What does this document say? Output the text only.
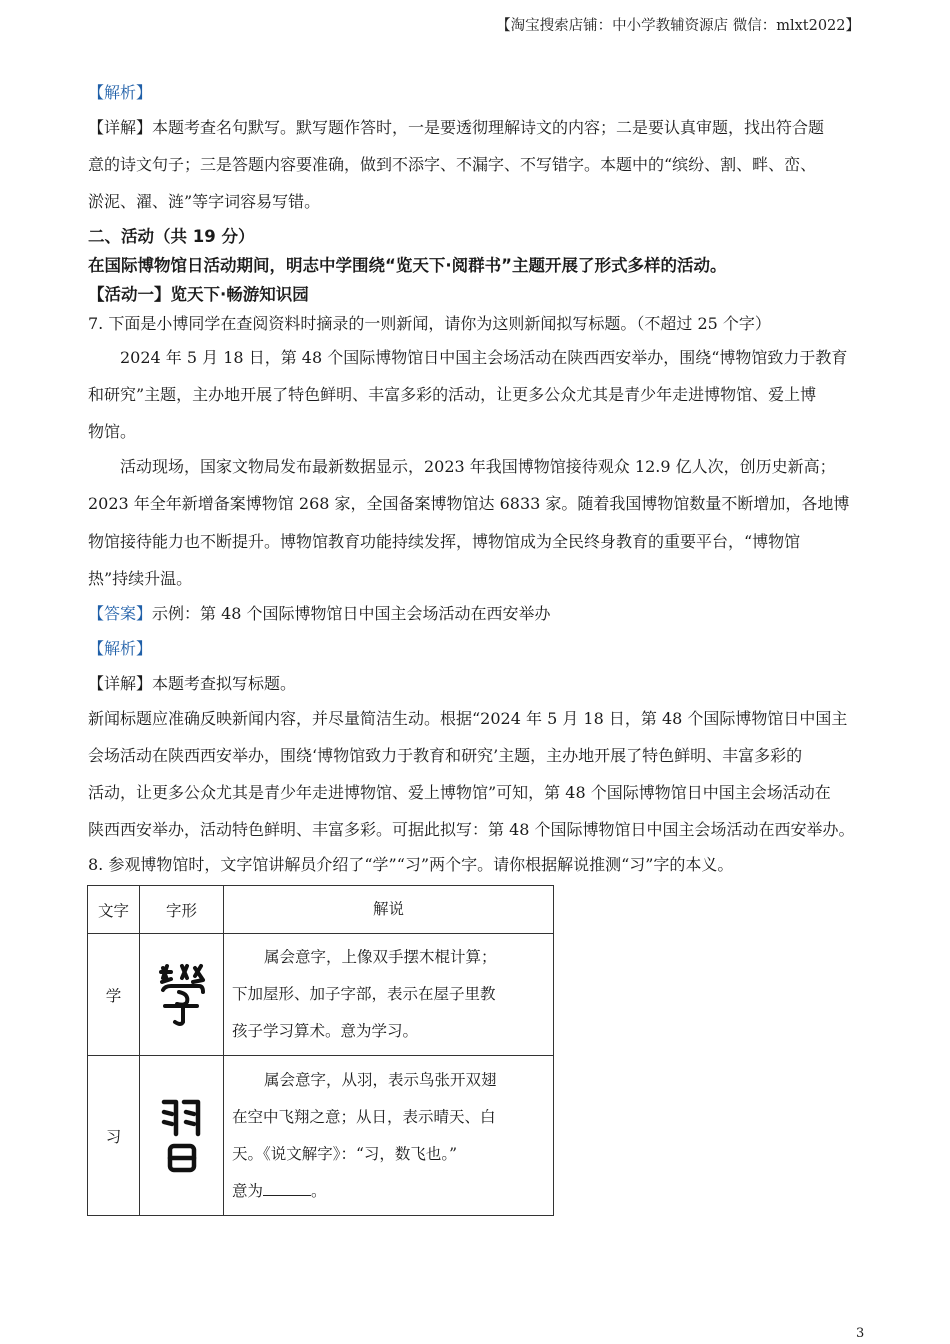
【淘宝搜索店铺：中小学教辅资源店 微信：mlxt2022】
【解析】
【详解】本题考查名句默写。默写题作答时，一是要透彻理解诗文的内容；二是要认真审题，找出符合题
意的诗文句子；三是答题内容要准确，做到不添字、不漏字、不写错字。本题中的“缤纷、割、畔、峦、
淤泥、濯、涟”等字词容易写错。
二、活动（共 19 分）
在国际博物馆日活动期间，明志中学围绕“览天下·阅群书”主题开展了形式多样的活动。
【活动一】览天下·畅游知识园
7. 下面是小博同学在查阅资料时摘录的一则新闻，请你为这则新闻拟写标题。（不超过 25 个字）
2024 年 5 月 18 日，第 48 个国际博物馆日中国主会场活动在陕西西安举办，围绕“博物馆致力于教育
和研究”主题，主办地开展了特色鲜明、丰富多彩的活动，让更多公众尤其是青少年走进博物馆、爱上博
物馆。
活动现场，国家文物局发布最新数据显示，2023 年我国博物馆接待观众 12.9 亿人次，创历史新高；
2023 年全年新增备案博物馆 268 家，全国备案博物馆达 6833 家。随着我国博物馆数量不断增加，各地博
物馆接待能力也不断提升。博物馆教育功能持续发挥，博物馆成为全民终身教育的重要平台，“博物馆
热”持续升温。
【答案】示例：第 48 个国际博物馆日中国主会场活动在西安举办
【解析】
【详解】本题考查拟写标题。
新闻标题应准确反映新闻内容，并尽量简洁生动。根据“2024 年 5 月 18 日，第 48 个国际博物馆日中国主
会场活动在陕西西安举办，围绕‘博物馆致力于教育和研究’主题，主办地开展了特色鲜明、丰富多彩的
活动，让更多公众尤其是青少年走进博物馆、爱上博物馆”可知，第 48 个国际博物馆日中国主会场活动在
陕西西安举办，活动特色鲜明、丰富多彩。可据此拟写：第 48 个国际博物馆日中国主会场活动在西安举办。
8. 参观博物馆时，文字馆讲解员介绍了“学”“习”两个字。请你根据解说推测“习”字的本义。
文字	字形	解说
学		属会意字，上像双手摆木棍计算；
下加屋形、加子字部，表示在屋子里教
孩子学习算术。意为学习。

习		属会意字，从羽，表示鸟张开双翅
在空中飞翔之意；从日，表示晴天、白
天。《说文解字》：“习，数飞也。”
意为 。
3
